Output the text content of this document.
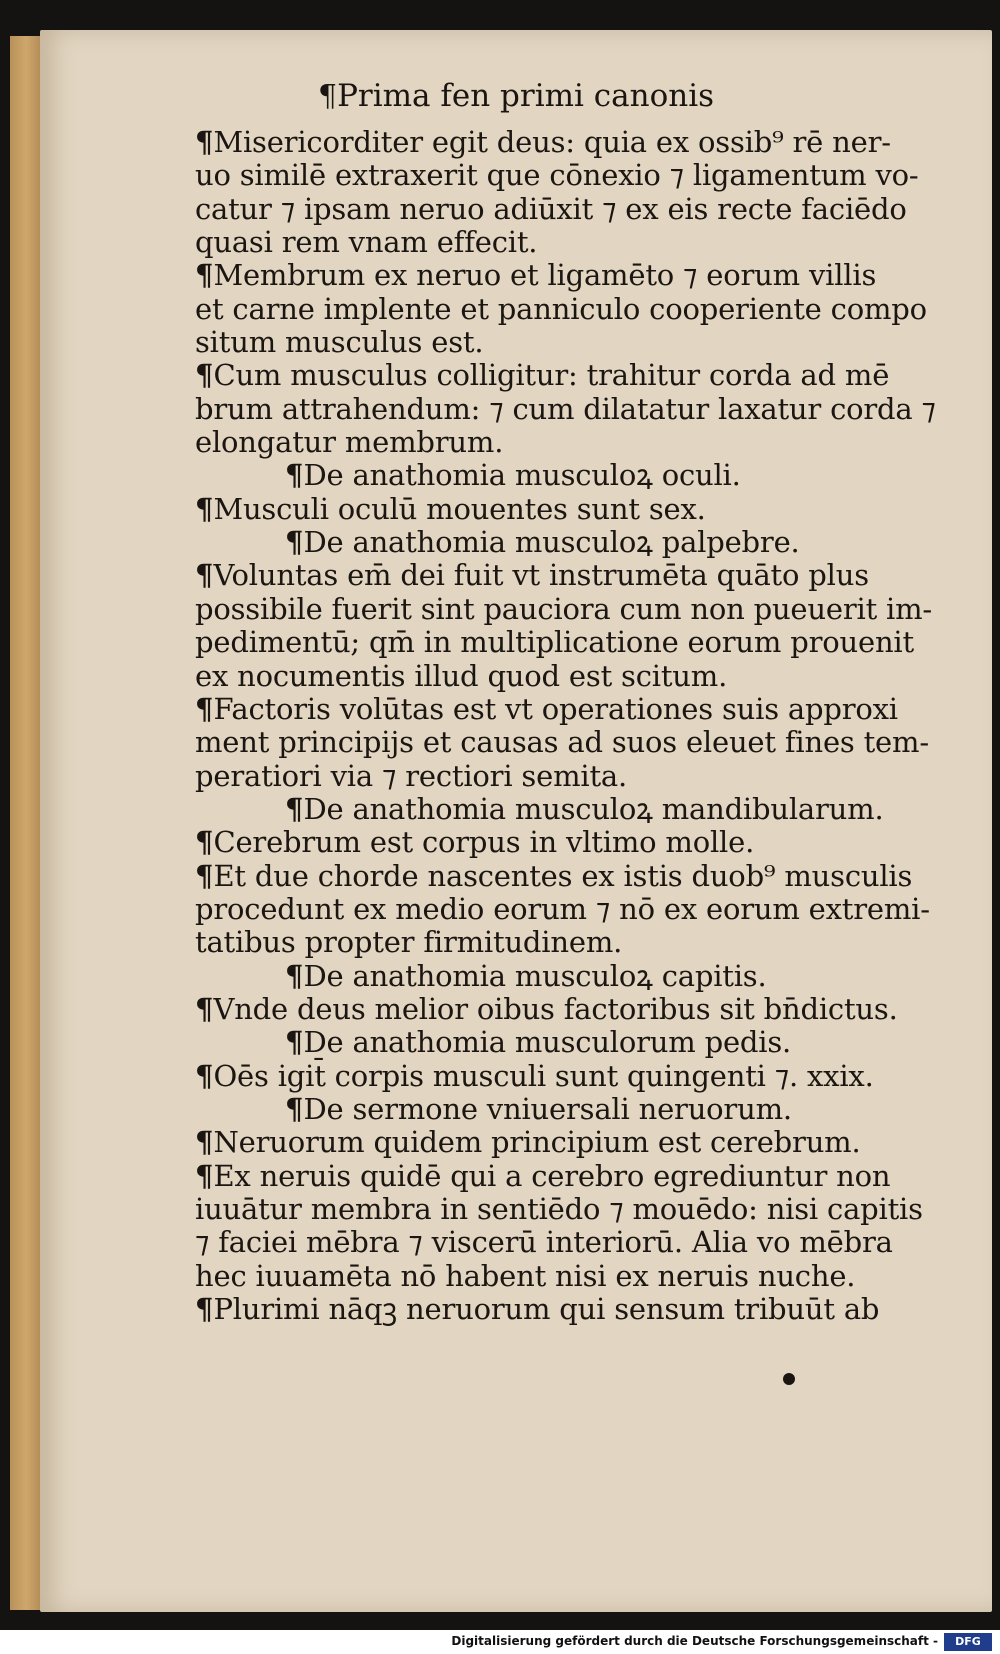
¶Prima fen primi canonis
¶ Misericorditer egit deus: quia ex ossib⁹ rē ner-
uo similē extraxerit que cōnexio ⁊ ligamentum vo-
catur ⁊ ipsam neruo adiūxit ⁊ ex eis recte faciēdo
quasi rem vnam effecit.
¶ Membrum ex neruo et ligamēto ⁊ eorum villis
et carne implente et panniculo cooperiente compo
situm musculus est.
¶ Cum musculus colligitur: trahitur corda ad mē
brum attrahendum: ⁊ cum dilatatur laxatur corda ⁊
elongatur membrum.
¶ De anathomia musculoꝝ oculi.
¶ Musculi oculū mouentes sunt sex.
¶ De anathomia musculoꝝ palpebre.
¶ Voluntas em̄ dei fuit vt instrumēta quāto plus
possibile fuerit sint pauciora cum non pueuerit im-
pedimentū; qm̄ in multiplicatione eorum prouenit
ex nocumentis illud quod est scitum.
¶ Factoris volūtas est vt operationes suis approxi
ment principijs et causas ad suos eleuet fines tem-
peratiori via ⁊ rectiori semita.
¶ De anathomia musculoꝝ mandibularum.
¶ Cerebrum est corpus in vltimo molle.
¶ Et due chorde nascentes ex istis duob⁹ musculis
procedunt ex medio eorum ⁊ nō ex eorum extremi-
tatibus propter firmitudinem.
¶ De anathomia musculoꝝ capitis.
¶ Vnde deus melior oibus factoribus sit bn̄dictus.
¶ De anathomia musculorum pedis.
¶ Oēs igit̄ corpis musculi sunt quingenti ⁊. xxix.
¶ De sermone vniuersali neruorum.
¶ Neruorum quidem principium est cerebrum.
¶ Ex neruis quidē qui a cerebro egrediuntur non
iuuātur membra in sentiēdo ⁊ mouēdo: nisi capitis
⁊ faciei mēbra ⁊ viscerū interiorū. Alia vo mēbra
hec iuuamēta nō habent nisi ex neruis nuche.
¶ Plurimi nāqꝫ neruorum qui sensum tribuūt ab
Digitalisierung gefördert durch die Deutsche Forschungsgemeinschaft -	DFG
